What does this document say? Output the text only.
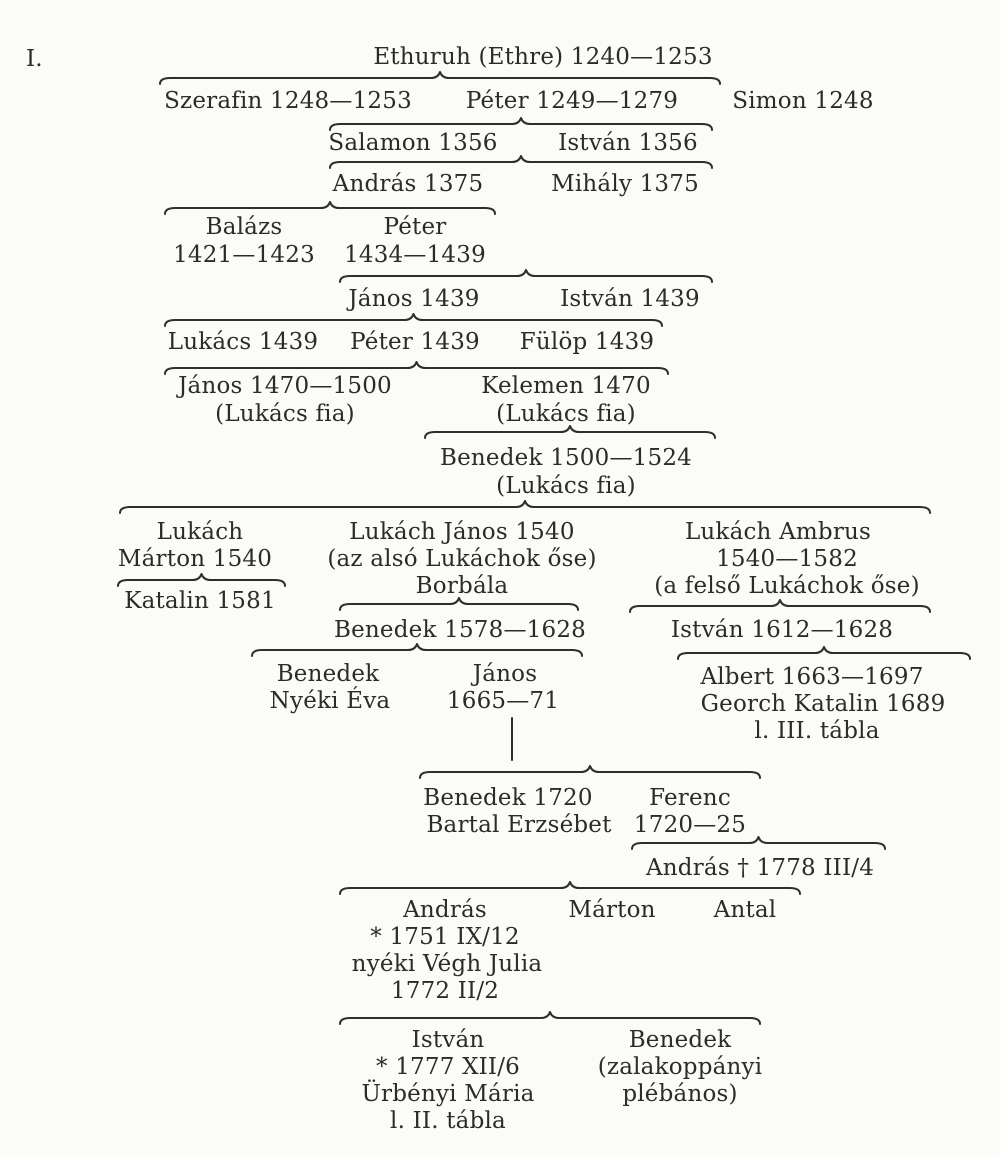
I.	Ethuruh (Ethre) 1240—1253
Szerafin 1248—1253 Péter 1249—1279 Simon 1248
Salamon 1356	István 1356
András 1375	Mihály 1375
Balázs
1421—1423
Péter
1434—1439
János 1439	István 1439
Lukács 1439 Péter 1439 Fülöp 1439
János 1470—1500
(Lukács fia)
Kelemen 1470
(Lukács fia)
Benedek 1500—1524
(Lukács fia)
Lukách
Márton 1540
Katalin 1581
Lukách János 1540
(az alsó Lukáchok őse)
Borbála
Lukách Ambrus
1540—1582
(a felső Lukáchok őse)
Benedek 1578—1628	István 1612—1628
Benedek
Nyéki Éva
János
1665—71
Albert 1663—1697
Georch Katalin 1689
l. III. tábla
Benedek 1720
Bartal Erzsébet
Ferenc
1720—25
András † 1778 III/4
András
* 1751 IX/12
nyéki Végh Julia
1772 II/2
Márton	Antal
István
* 1777 XII/6
Ürbényi Mária
l. II. tábla
Benedek
(zalakoppányi
plébános)
